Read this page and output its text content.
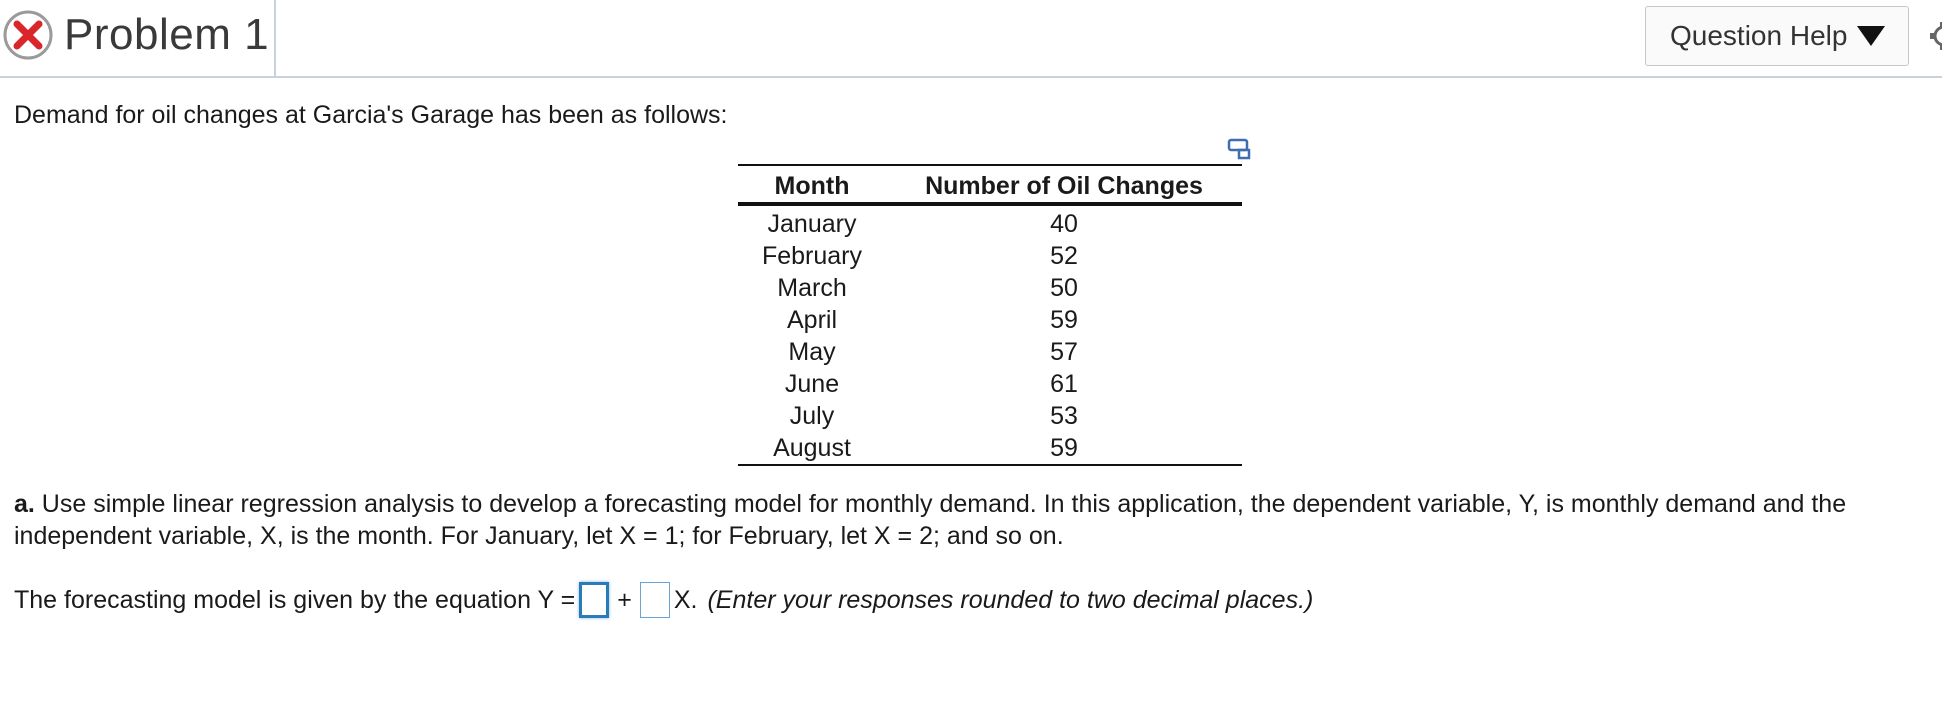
Problem 1	Question Help
Demand for oil changes at Garcia's Garage has been as follows:
Month	Number of Oil Changes
January	40
February	52
March	50
April	59
May	57
June	61
July	53
August	59
a. Use simple linear regression analysis to develop a forecasting model for monthly demand. In this application, the dependent variable, Y, is monthly demand and the independent variable, X, is the month. For January, let X = 1; for February, let X = 2; and so on.
The forecasting model is given by the equation Y = + X. (Enter your responses rounded to two decimal places.)
